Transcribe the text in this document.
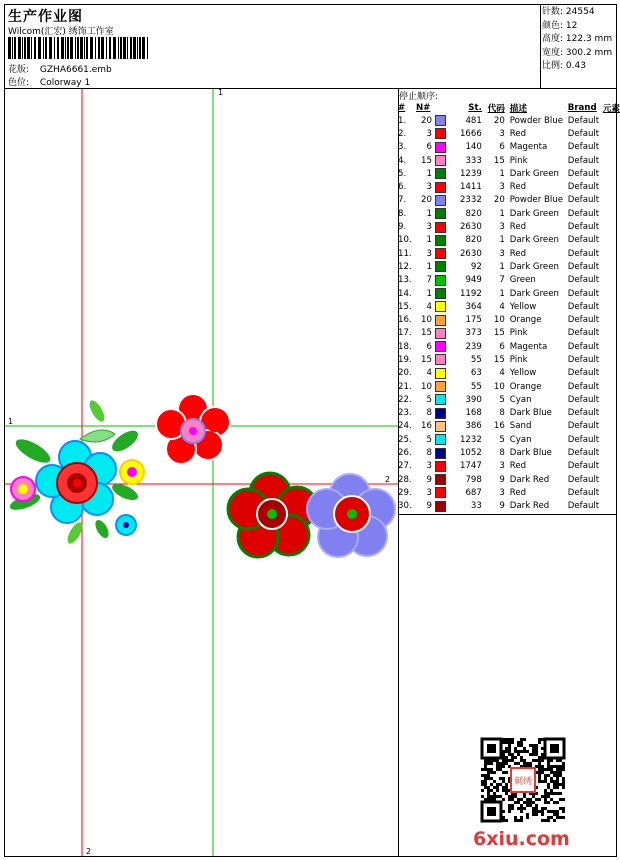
生产作业图
Wilcom(汇宏) 绣饰工作室
花版: GZHA6661.emb
色位: Colorway 1
针数: 24554
颜色: 12
高度: 122.3 mm
宽度: 300.2 mm
比例: 0.43
1
1
2
2
停止顺序:
#	N#		St.	代码	描述	Brand	元素
1.	20		481	20	Powder Blue	Default	
2.	3		1666	3	Red	Default	
3.	6		140	6	Magenta	Default	
4.	15		333	15	Pink	Default	
5.	1		1239	1	Dark Green	Default	
6.	3		1411	3	Red	Default	
7.	20		2332	20	Powder Blue	Default	
8.	1		820	1	Dark Green	Default	
9.	3		2630	3	Red	Default	
10.	1		820	1	Dark Green	Default	
11.	3		2630	3	Red	Default	
12.	1		92	1	Dark Green	Default	
13.	7		949	7	Green	Default	
14.	1		1192	1	Dark Green	Default	
15.	4		364	4	Yellow	Default	
16.	10		175	10	Orange	Default	
17.	15		373	15	Pink	Default	
18.	6		239	6	Magenta	Default	
19.	15		55	15	Pink	Default	
20.	4		63	4	Yellow	Default	
21.	10		55	10	Orange	Default	
22.	5		390	5	Cyan	Default	
23.	8		168	8	Dark Blue	Default	
24.	16		386	16	Sand	Default	
25.	5		1232	5	Cyan	Default	
26.	8		1052	8	Dark Blue	Default	
27.	3		1747	3	Red	Default	
28.	9		798	9	Dark Red	Default	
29.	3		687	3	Red	Default	
30.	9		33	9	Dark Red	Default	
刺绣
6xiu.com
